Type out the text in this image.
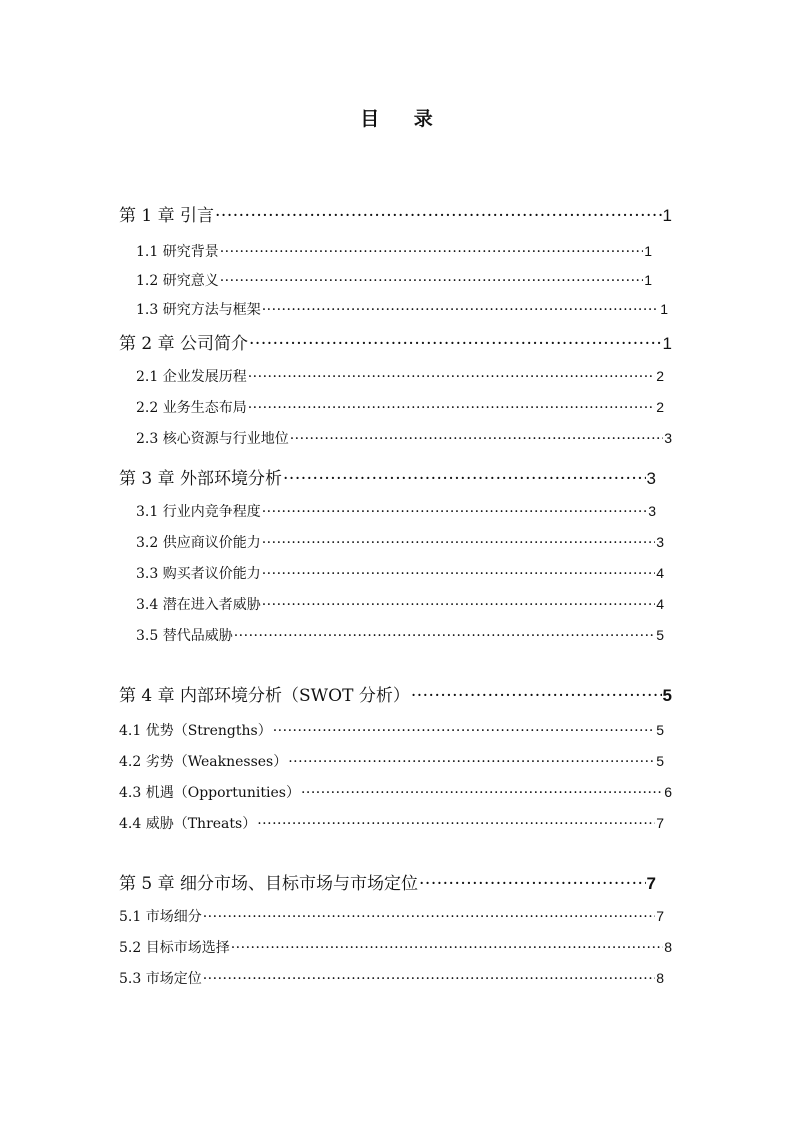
目 录
第 1 章 引言 ·····	1
1.1 研究背景 ·····	1
1.2 研究意义 ·····	1
1.3 研究方法与框架 ·····	1
第 2 章 公司简介 ·····	1
2.1 企业发展历程 ·····	2
2.2 业务生态布局 ·····	2
2.3 核心资源与行业地位 ·····	3
第 3 章 外部环境分析 ·····	3
3.1 行业内竞争程度 ·····	3
3.2 供应商议价能力 ·····	3
3.3 购买者议价能力 ·····	4
3.4 潜在进入者威胁 ·····	4
3.5 替代品威胁 ·····	5
第 4 章 内部环境分析（SWOT 分析） ·····	5
4.1 优势（Strengths） ·····	5
4.2 劣势（Weaknesses） ·····	5
4.3 机遇（Opportunities） ·····	6
4.4 威胁（Threats） ·····	7
第 5 章 细分市场、目标市场与市场定位 ·····	7
5.1 市场细分 ·····	7
5.2 目标市场选择 ·····	8
5.3 市场定位 ·····	8
